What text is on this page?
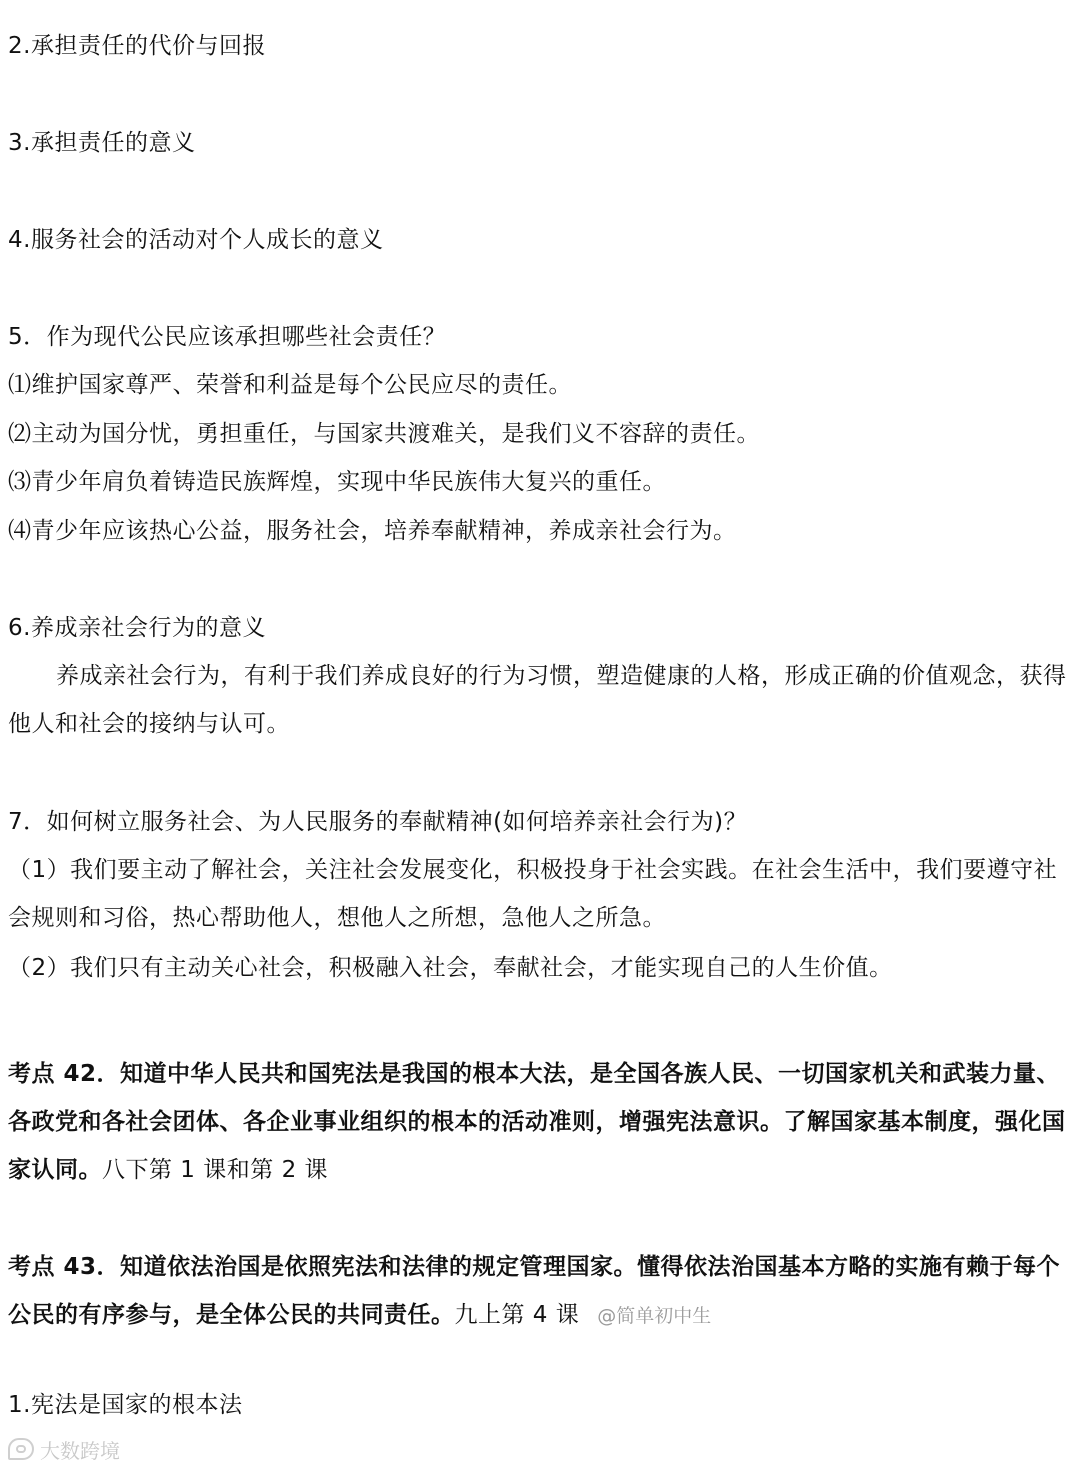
2.承担责任的代价与回报
3.承担责任的意义
4.服务社会的活动对个人成长的意义
5．作为现代公民应该承担哪些社会责任？
⑴维护国家尊严、荣誉和利益是每个公民应尽的责任。
⑵主动为国分忧，勇担重任，与国家共渡难关，是我们义不容辞的责任。
⑶青少年肩负着铸造民族辉煌，实现中华民族伟大复兴的重任。
⑷青少年应该热心公益，服务社会，培养奉献精神，养成亲社会行为。
6.养成亲社会行为的意义
养成亲社会行为，有利于我们养成良好的行为习惯，塑造健康的人格，形成正确的价值观念，获得他人和社会的接纳与认可。
7．如何树立服务社会、为人民服务的奉献精神(如何培养亲社会行为)？
（1）我们要主动了解社会，关注社会发展变化，积极投身于社会实践。在社会生活中，我们要遵守社会规则和习俗，热心帮助他人，想他人之所想，急他人之所急。
（2）我们只有主动关心社会，积极融入社会，奉献社会，才能实现自己的人生价值。
考点 42．知道中华人民共和国宪法是我国的根本大法，是全国各族人民、一切国家机关和武装力量、各政党和各社会团体、各企业事业组织的根本的活动准则，增强宪法意识。了解国家基本制度，强化国家认同。八下第 1 课和第 2 课
考点 43．知道依法治国是依照宪法和法律的规定管理国家。懂得依法治国基本方略的实施有赖于每个公民的有序参与，是全体公民的共同责任。九上第 4 课 @简单初中生
1.宪法是国家的根本法
大数跨境
